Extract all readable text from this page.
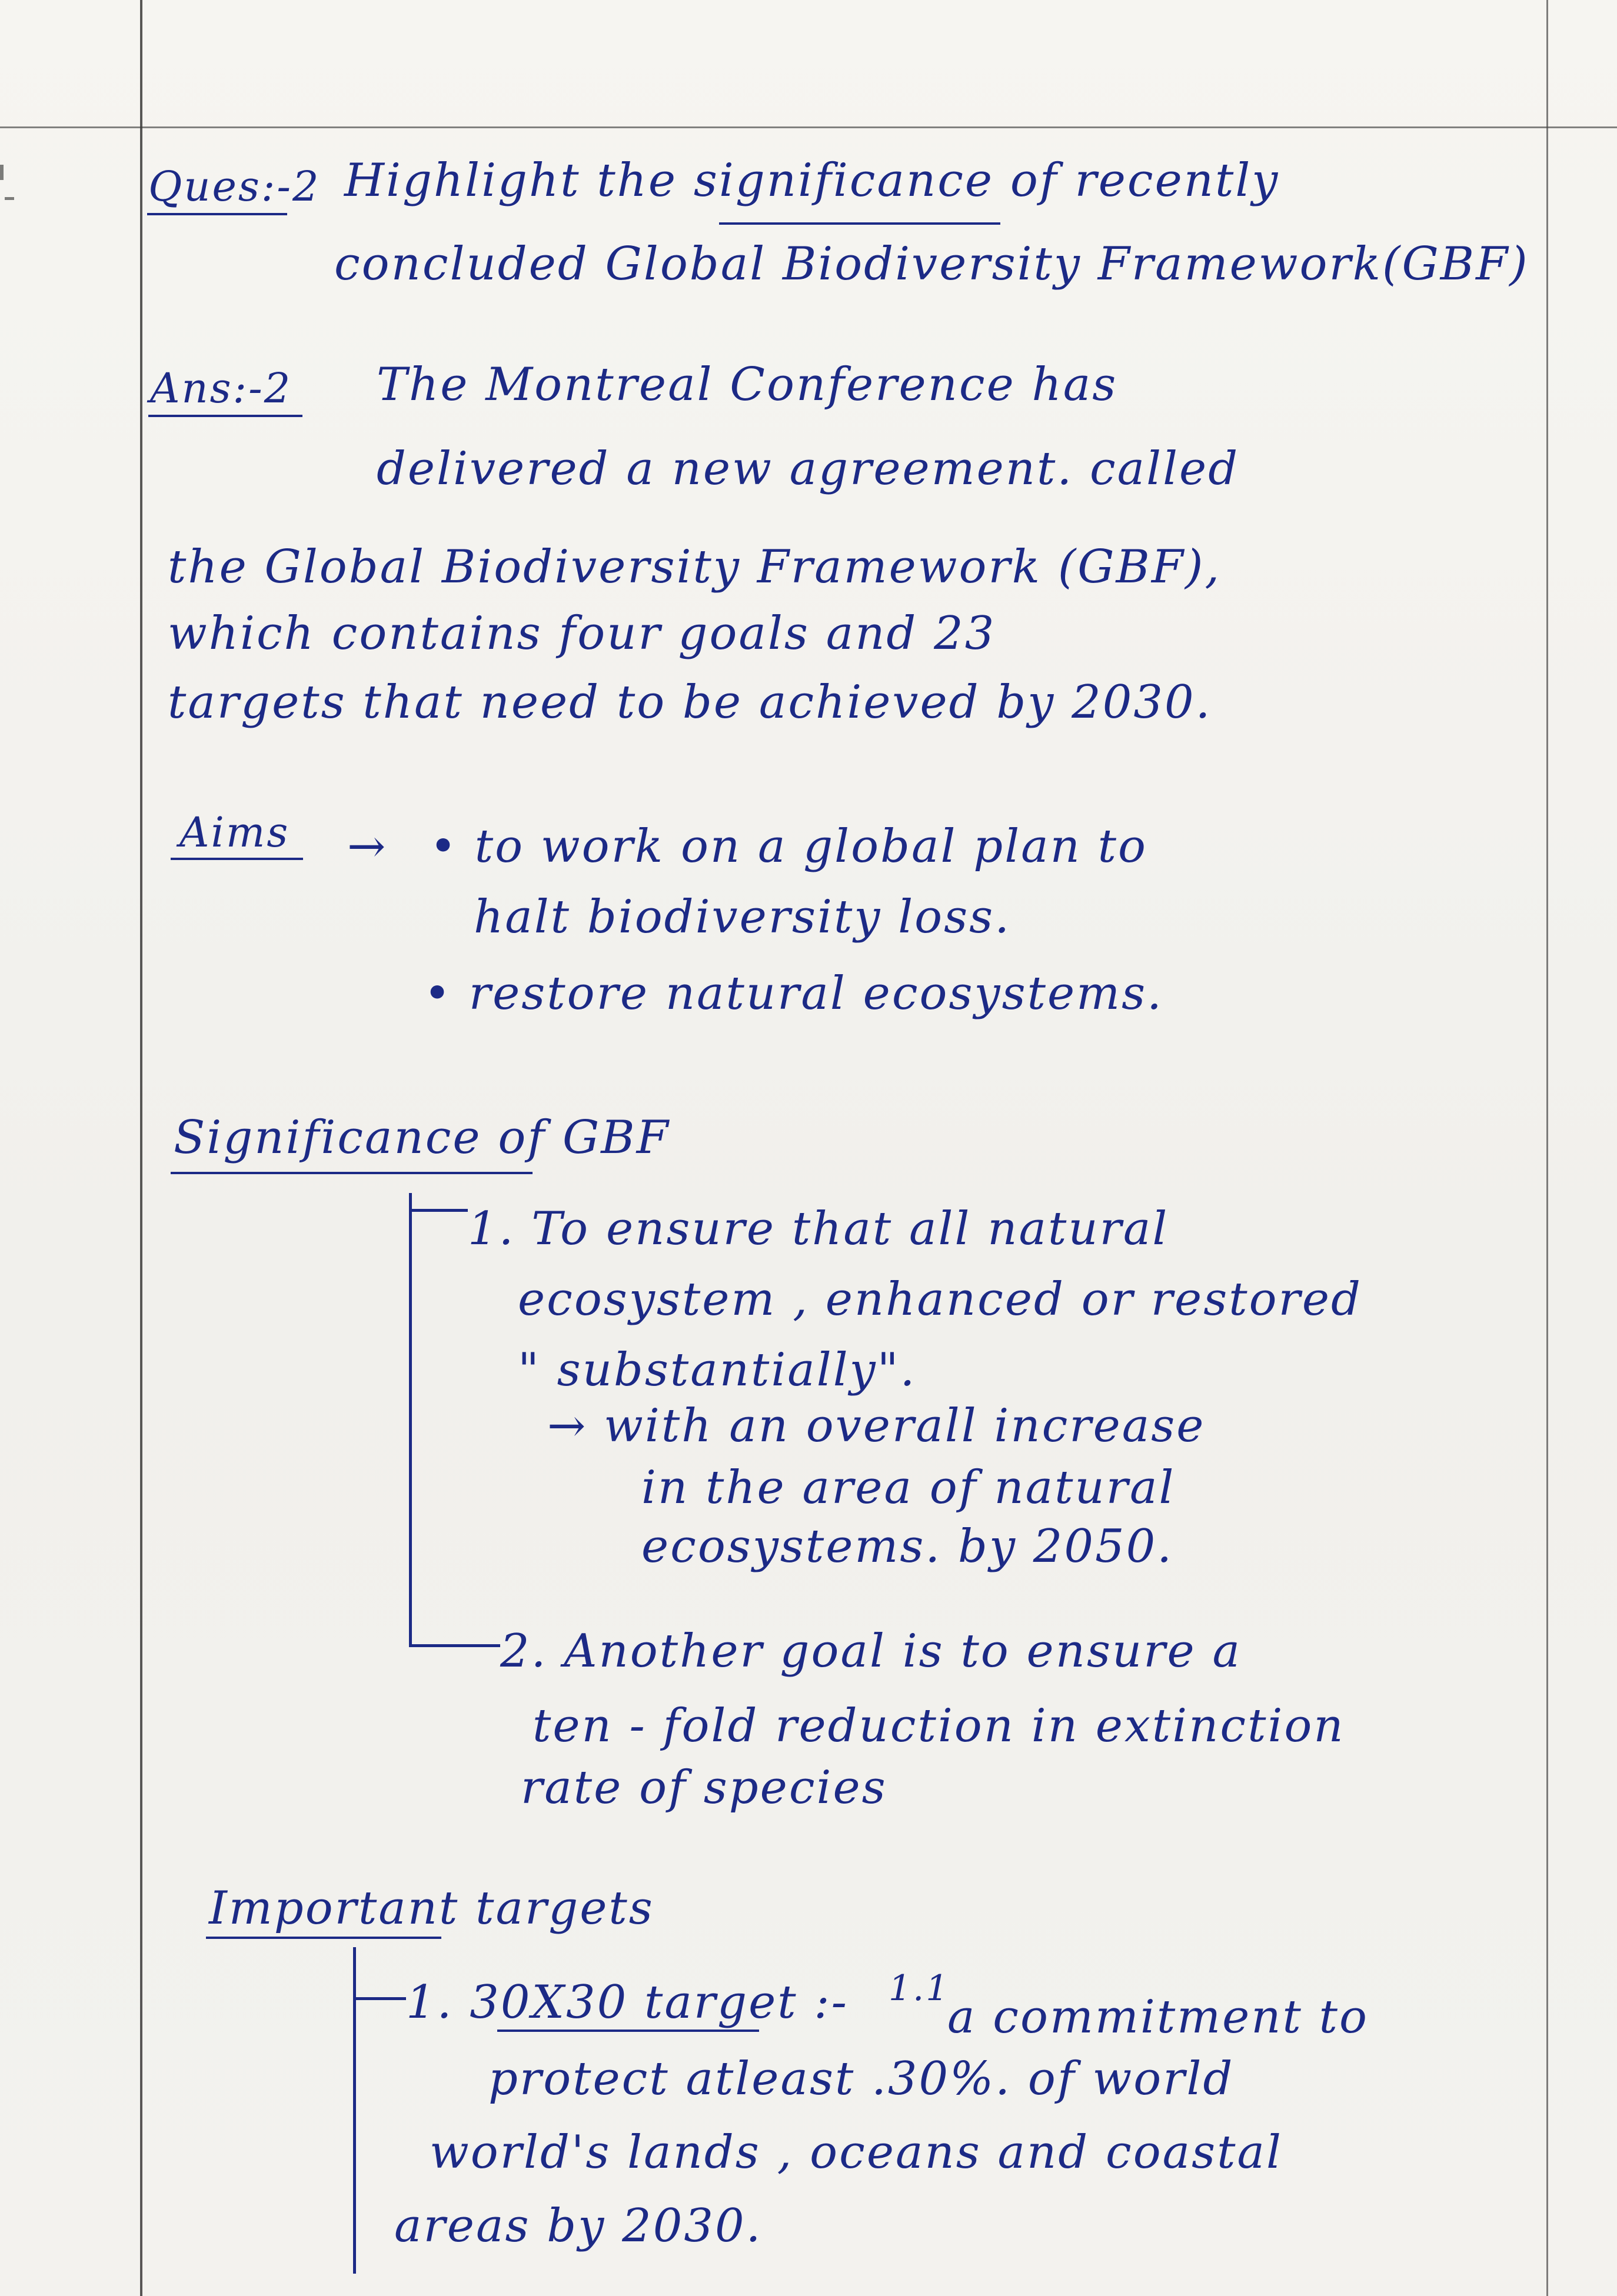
Ques:-2 Highlight the significance of recently
concluded Global Biodiversity Framework(GBF)
Ans:-2 The Montreal Conference has
delivered a new agreement. called
the Global Biodiversity Framework (GBF),
which contains four goals and 23
targets that need to be achieved by 2030.
Aims → • to work on a global plan to
halt biodiversity loss.
• restore natural ecosystems.
Significance of GBF
1. To ensure that all natural
ecosystem , enhanced or restored
" substantially".
→ with an overall increase
in the area of natural
ecosystems. by 2050.
2. Another goal is to ensure a
ten - fold reduction in extinction
rate of species
Important targets
1. 30X30 target :- 1.1
a commitment to
protect atleast .30%. of world
world's lands , oceans and coastal
areas by 2030.
